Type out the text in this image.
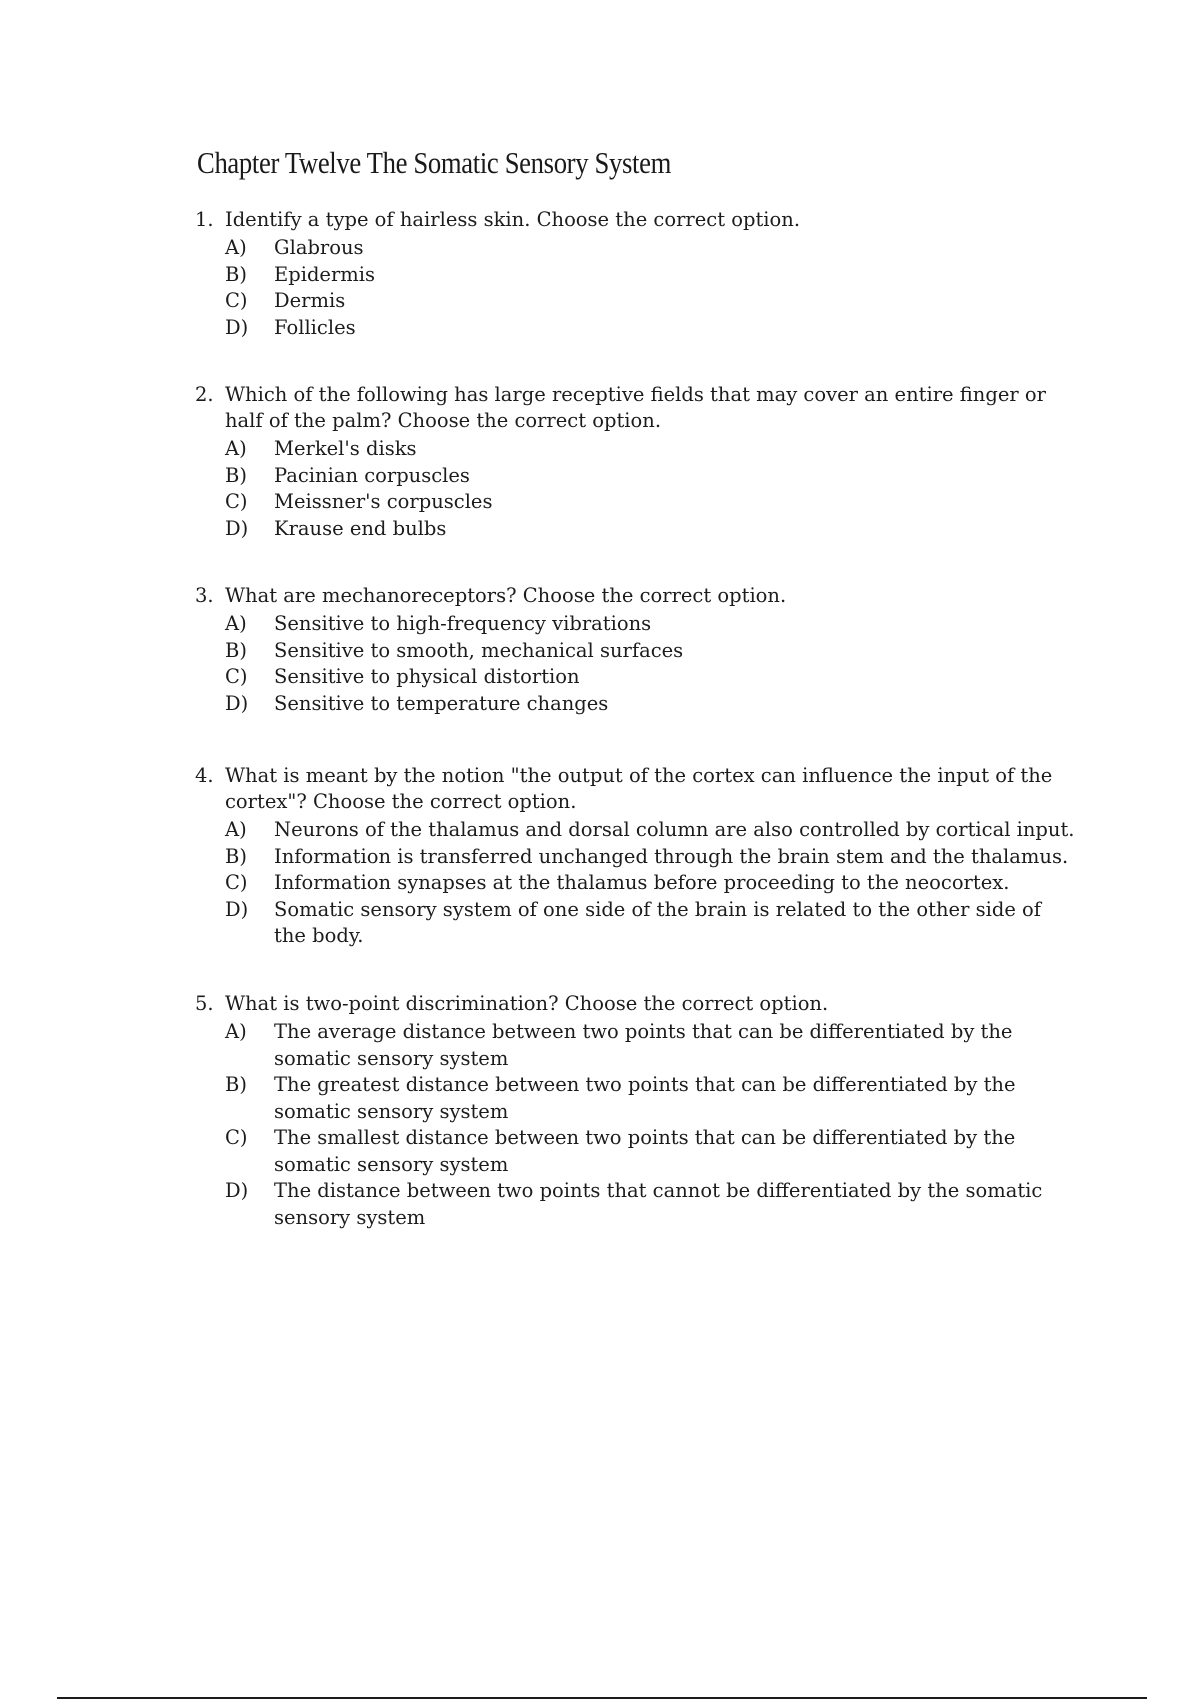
Chapter Twelve The Somatic Sensory System
1. Identify a type of hairless skin. Choose the correct option.
A)	Glabrous
B)	Epidermis
C)	Dermis
D)	Follicles
2. Which of the following has large receptive fields that may cover an entire finger or half of the palm? Choose the correct option.
A)	Merkel's disks
B)	Pacinian corpuscles
C)	Meissner's corpuscles
D)	Krause end bulbs
3. What are mechanoreceptors? Choose the correct option.
A)	Sensitive to high-frequency vibrations
B)	Sensitive to smooth, mechanical surfaces
C)	Sensitive to physical distortion
D)	Sensitive to temperature changes
4. What is meant by the notion "the output of the cortex can influence the input of the cortex"? Choose the correct option.
A)	Neurons of the thalamus and dorsal column are also controlled by cortical input.
B)	Information is transferred unchanged through the brain stem and the thalamus.
C)	Information synapses at the thalamus before proceeding to the neocortex.
D)	Somatic sensory system of one side of the brain is related to the other side of the body.
5. What is two-point discrimination? Choose the correct option.
A)	The average distance between two points that can be differentiated by the somatic sensory system
B)	The greatest distance between two points that can be differentiated by the somatic sensory system
C)	The smallest distance between two points that can be differentiated by the somatic sensory system
D)	The distance between two points that cannot be differentiated by the somatic sensory system
